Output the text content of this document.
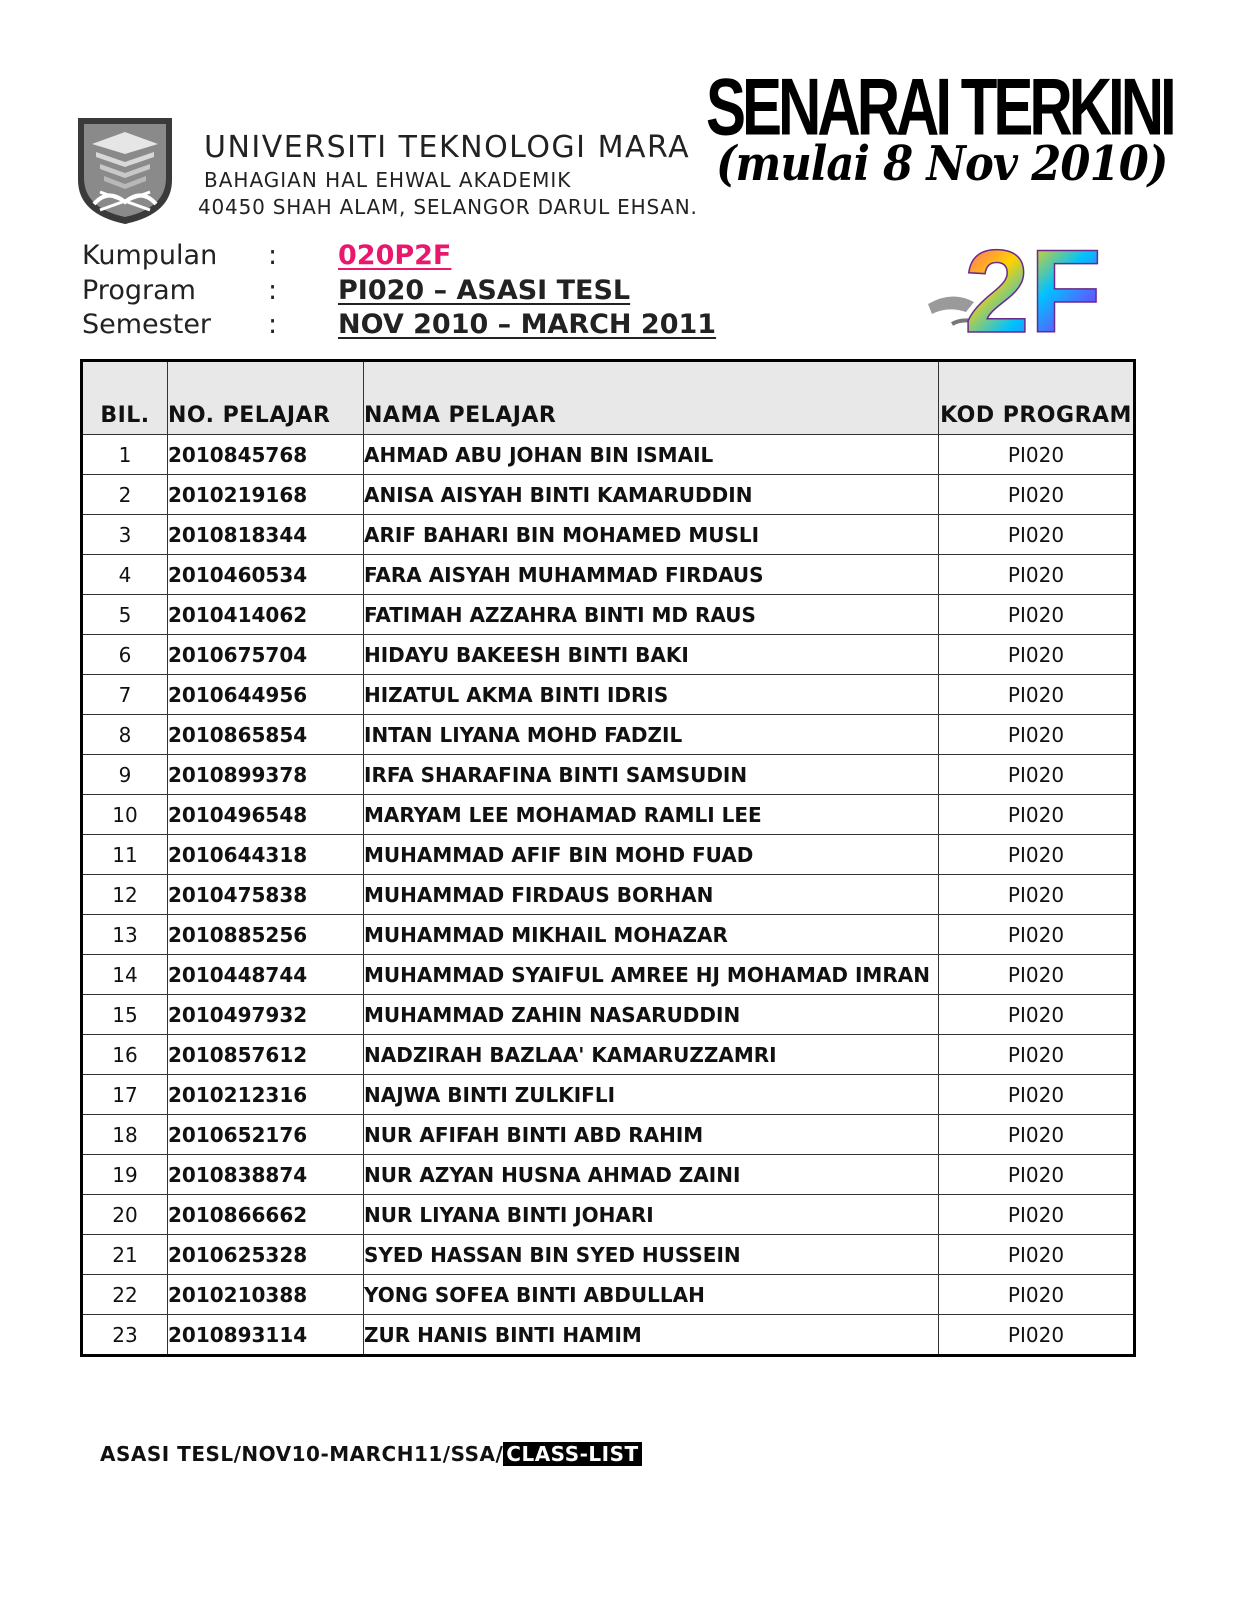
UNIVERSITI TEKNOLOGI MARA
BAHAGIAN HAL EHWAL AKADEMIK
40450 SHAH ALAM, SELANGOR DARUL EHSAN.
SENARAI TERKINI
(mulai 8 Nov 2010)
2F
Kumpulan : 020P2F
Program	: PI020 – ASASI TESL
Semester : NOV 2010 – MARCH 2011
BIL.	NO. PELAJAR	NAMA PELAJAR	KOD PROGRAM
1	2010845768	AHMAD ABU JOHAN BIN ISMAIL	PI020
2	2010219168	ANISA AISYAH BINTI KAMARUDDIN	PI020
3	2010818344	ARIF BAHARI BIN MOHAMED MUSLI	PI020
4	2010460534	FARA AISYAH MUHAMMAD FIRDAUS	PI020
5	2010414062	FATIMAH AZZAHRA BINTI MD RAUS	PI020
6	2010675704	HIDAYU BAKEESH BINTI BAKI	PI020
7	2010644956	HIZATUL AKMA BINTI IDRIS	PI020
8	2010865854	INTAN LIYANA MOHD FADZIL	PI020
9	2010899378	IRFA SHARAFINA BINTI SAMSUDIN	PI020
10	2010496548	MARYAM LEE MOHAMAD RAMLI LEE	PI020
11	2010644318	MUHAMMAD AFIF BIN MOHD FUAD	PI020
12	2010475838	MUHAMMAD FIRDAUS BORHAN	PI020
13	2010885256	MUHAMMAD MIKHAIL MOHAZAR	PI020
14	2010448744	MUHAMMAD SYAIFUL AMREE HJ MOHAMAD IMRAN	PI020
15	2010497932	MUHAMMAD ZAHIN NASARUDDIN	PI020
16	2010857612	NADZIRAH BAZLAA' KAMARUZZAMRI	PI020
17	2010212316	NAJWA BINTI ZULKIFLI	PI020
18	2010652176	NUR AFIFAH BINTI ABD RAHIM	PI020
19	2010838874	NUR AZYAN HUSNA AHMAD ZAINI	PI020
20	2010866662	NUR LIYANA BINTI JOHARI	PI020
21	2010625328	SYED HASSAN BIN SYED HUSSEIN	PI020
22	2010210388	YONG SOFEA BINTI ABDULLAH	PI020
23	2010893114	ZUR HANIS BINTI HAMIM	PI020
ASASI TESL/NOV10-MARCH11/SSA/ CLASS-LIST
